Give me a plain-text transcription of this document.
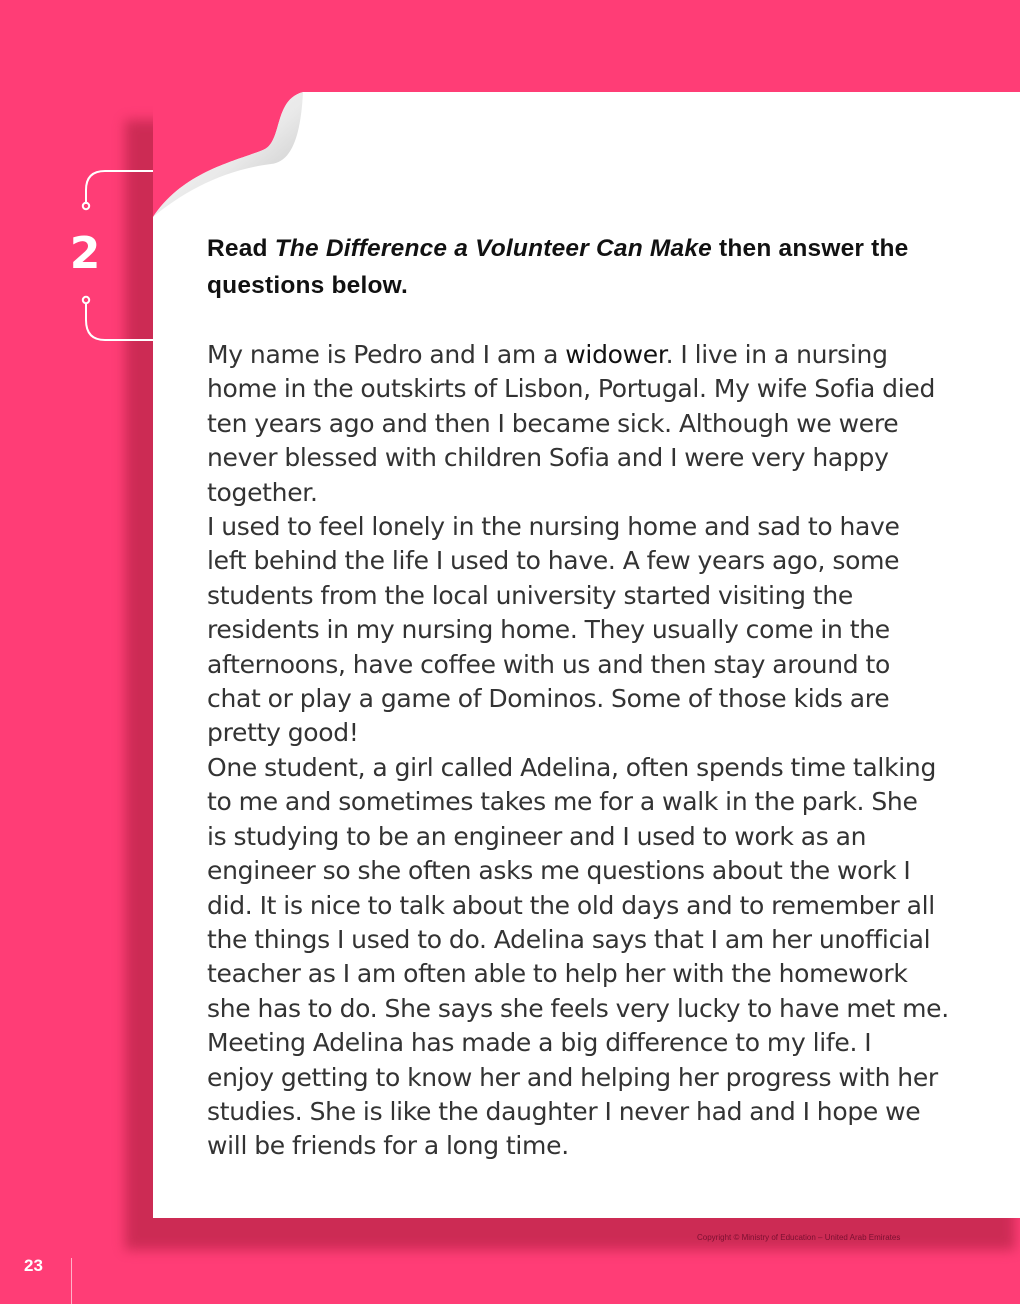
2	Read The Difference a Volunteer Can Make then answer the questions below.
My name is Pedro and I am a widower. I live in a nursing
home in the outskirts of Lisbon, Portugal. My wife Sofia died
ten years ago and then I became sick. Although we were
never blessed with children Sofia and I were very happy
together.
I used to feel lonely in the nursing home and sad to have
left behind the life I used to have. A few years ago, some
students from the local university started visiting the
residents in my nursing home. They usually come in the
afternoons, have coffee with us and then stay around to
chat or play a game of Dominos. Some of those kids are
pretty good!
One student, a girl called Adelina, often spends time talking
to me and sometimes takes me for a walk in the park. She
is studying to be an engineer and I used to work as an
engineer so she often asks me questions about the work I
did. It is nice to talk about the old days and to remember all
the things I used to do. Adelina says that I am her unofficial
teacher as I am often able to help her with the homework
she has to do. She says she feels very lucky to have met me.
Meeting Adelina has made a big difference to my life. I
enjoy getting to know her and helping her progress with her
studies. She is like the daughter I never had and I hope we
will be friends for a long time.
Copyright © Ministry of Education – United Arab Emirates
23
